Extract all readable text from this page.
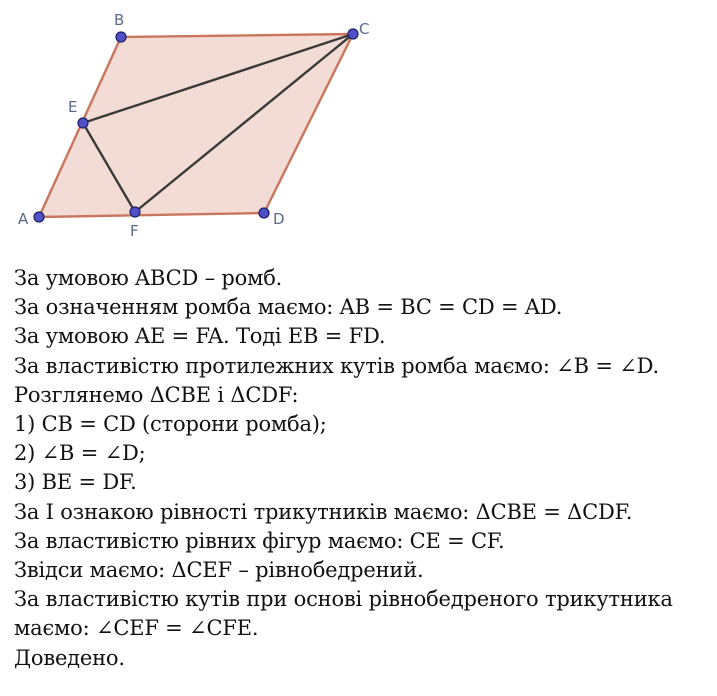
A
B	C
D
E
F
За умовою ABCD – ромб.
За означенням ромба маємо: AB = BC = CD = AD.
За умовою AE = FA. Тоді EB = FD.
За властивістю протилежних кутів ромба маємо: ∠B = ∠D.
Розглянемо ΔCBE і ΔCDF:
1) CB = CD (сторони ромба);
2) ∠B = ∠D;
3) BE = DF.
За І ознакою рівності трикутників маємо: ΔCBE = ΔCDF.
За властивістю рівних фігур маємо: CE = CF.
Звідси маємо: ΔCEF – рівнобедрений.
За властивістю кутів при основі рівнобедреного трикутника
маємо: ∠CEF = ∠CFE.
Доведено.
